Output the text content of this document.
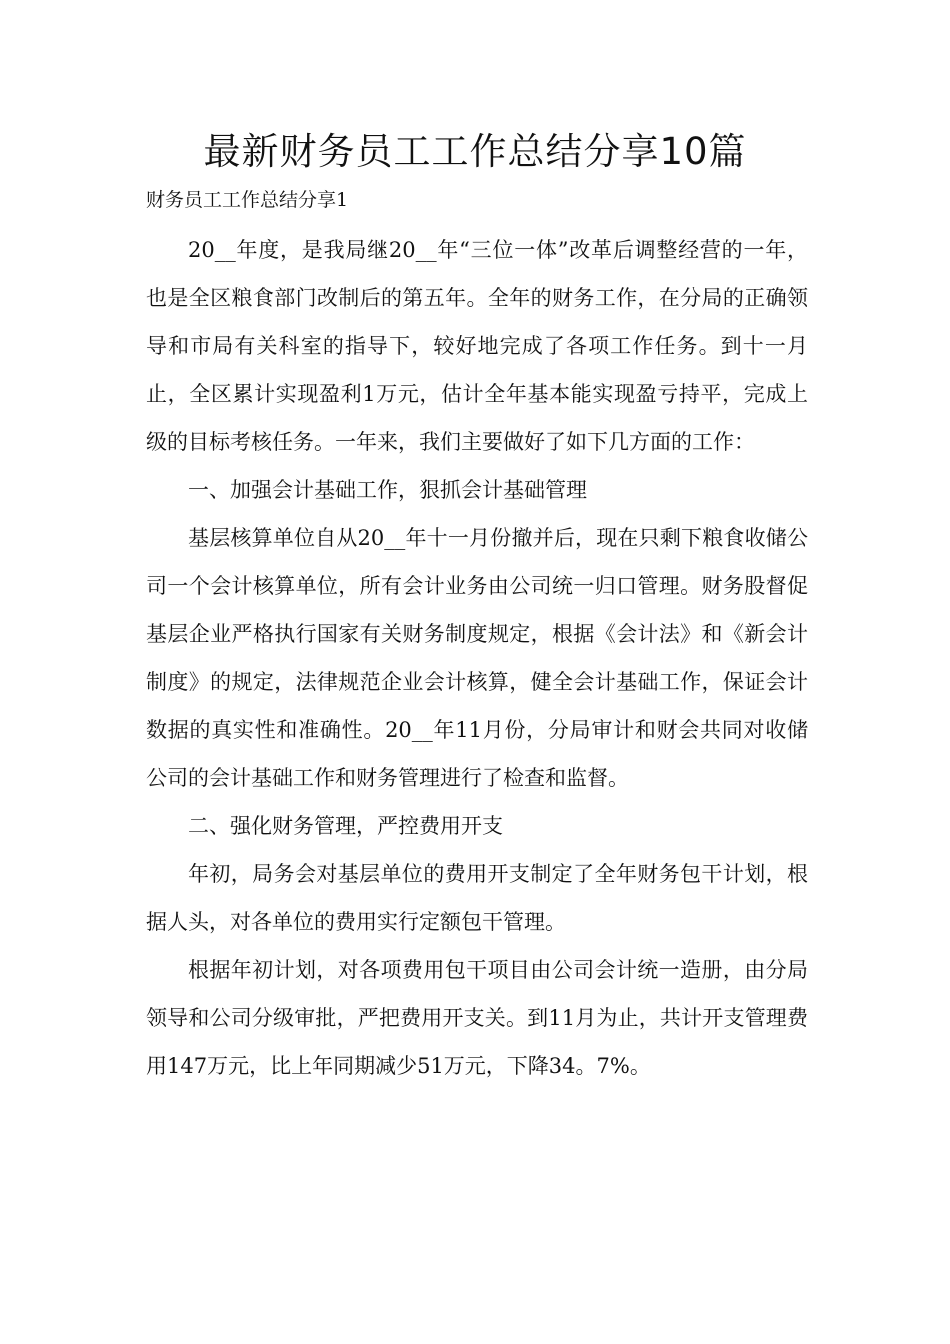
最新财务员工工作总结分享10篇

财务员工工作总结分享1

20__年度，是我局继20__年“三位一体”改革后调整经营的一年，也是全区粮食部门改制后的第五年。全年的财务工作，在分局的正确领导和市局有关科室的指导下，较好地完成了各项工作任务。到十一月止，全区累计实现盈利1万元，估计全年基本能实现盈亏持平，完成上级的目标考核任务。一年来，我们主要做好了如下几方面的工作：

一、加强会计基础工作，狠抓会计基础管理

基层核算单位自从20__年十一月份撤并后，现在只剩下粮食收储公司一个会计核算单位，所有会计业务由公司统一归口管理。财务股督促基层企业严格执行国家有关财务制度规定，根据《会计法》和《新会计制度》的规定，法律规范企业会计核算，健全会计基础工作，保证会计数据的真实性和准确性。20__年11月份，分局审计和财会共同对收储公司的会计基础工作和财务管理进行了检查和监督。

二、强化财务管理，严控费用开支

年初，局务会对基层单位的费用开支制定了全年财务包干计划，根据人头，对各单位的费用实行定额包干管理。

根据年初计划，对各项费用包干项目由公司会计统一造册，由分局领导和公司分级审批，严把费用开支关。到11月为止，共计开支管理费用147万元，比上年同期减少51万元，下降34。7%。
